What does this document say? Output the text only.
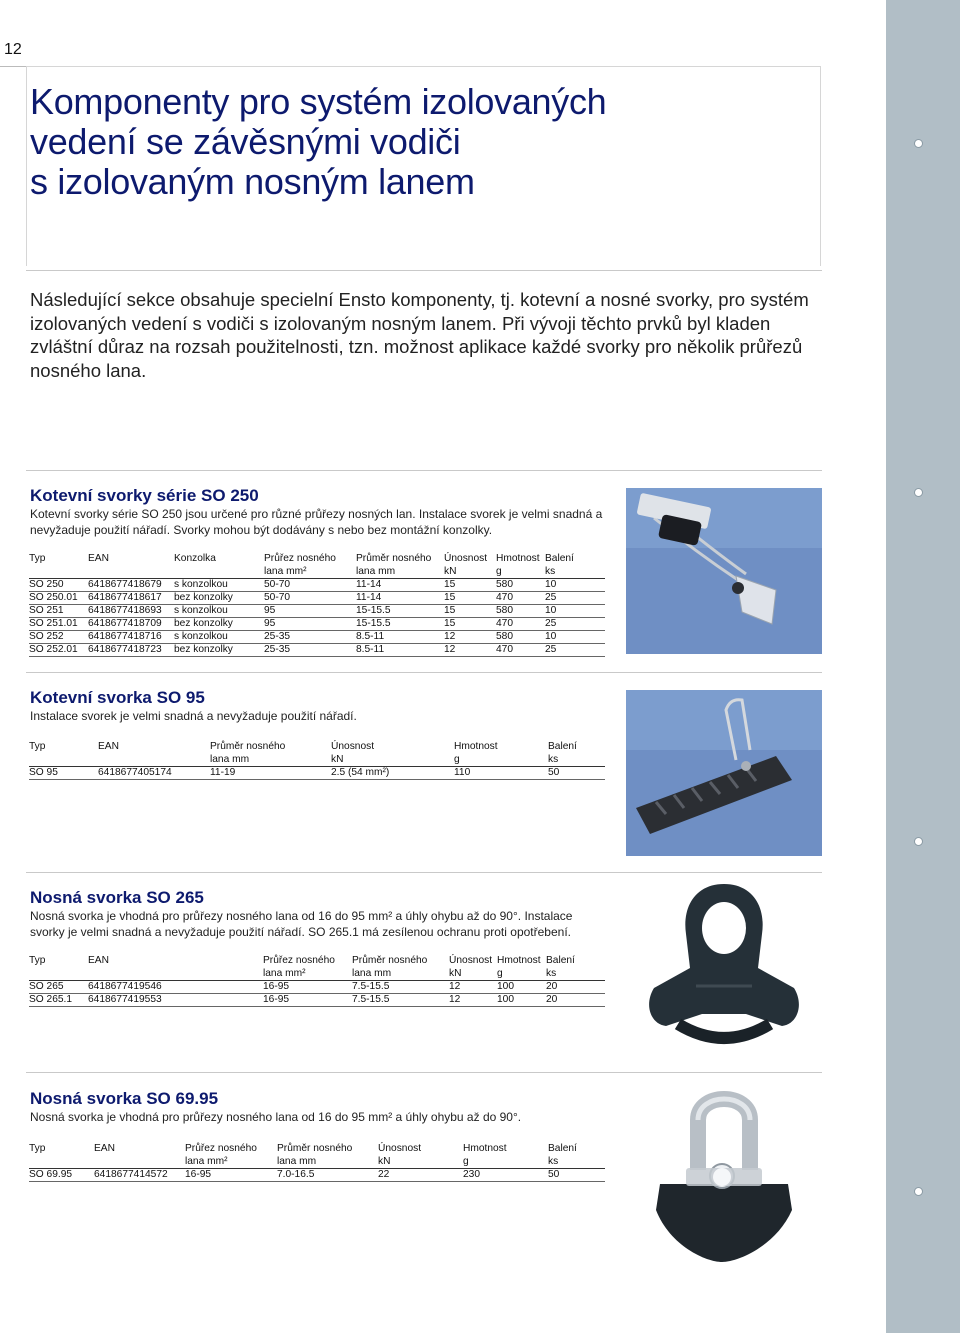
12
Komponenty pro systém izolovaných
vedení se závěsnými vodiči
s izolovaným nosným lanem

Následující sekce obsahuje specielní Ensto komponenty, tj. kotevní a nosné svorky, pro systém izolovaných vedení s vodiči s izolovaným nosným lanem. Při vývoji těchto prvků byl kladen zvláštní důraz na rozsah použitelnosti, tzn. možnost aplikace každé svorky pro několik průřezů nosného lana.

Kotevní svorky série SO 250

Kotevní svorky série SO 250 jsou určené pro různé průřezy nosných lan. Instalace svorek je velmi snadná a nevyžaduje použití nářadí. Svorky mohou být dodávány s nebo bez montážní konzolky.

Typ	EAN	Konzolka	Průřez nosného	Průměr nosného	Únosnost	Hmotnost	Balení
			lana mm²	lana mm	kN	g	ks
SO 250	6418677418679	s konzolkou	50-70	11-14	15	580	10
SO 250.01	6418677418617	bez konzolky	50-70	11-14	15	470	25
SO 251	6418677418693	s konzolkou	95	15-15.5	15	580	10
SO 251.01	6418677418709	bez konzolky	95	15-15.5	15	470	25
SO 252	6418677418716	s konzolkou	25-35	8.5-11	12	580	10
SO 252.01	6418677418723	bez konzolky	25-35	8.5-11	12	470	25
Kotevní svorka SO 95

Instalace svorek je velmi snadná a nevyžaduje použití nářadí.

Typ	EAN	Průměr nosného	Únosnost	Hmotnost	Balení
		lana mm	kN	g	ks
SO 95	6418677405174	11-19	2.5 (54 mm²)	110	50
Nosná svorka SO 265

Nosná svorka je vhodná pro průřezy nosného lana od 16 do 95 mm² a úhly ohybu až do 90°. Instalace svorky je velmi snadná a nevyžaduje použití nářadí. SO 265.1 má zesílenou ochranu proti opotřebení.

Typ	EAN	Průřez nosného	Průměr nosného	Únosnost	Hmotnost	Balení
		lana mm²	lana mm	kN	g	ks
SO 265	6418677419546	16-95	7.5-15.5	12	100	20
SO 265.1	6418677419553	16-95	7.5-15.5	12	100	20
Nosná svorka SO 69.95

Nosná svorka je vhodná pro průřezy nosného lana od 16 do 95 mm² a úhly ohybu až do 90°.

Typ	EAN	Průřez nosného	Průměr nosného	Únosnost	Hmotnost	Balení
		lana mm²	lana mm	kN	g	ks
SO 69.95	6418677414572	16-95	7.0-16.5	22	230	50
